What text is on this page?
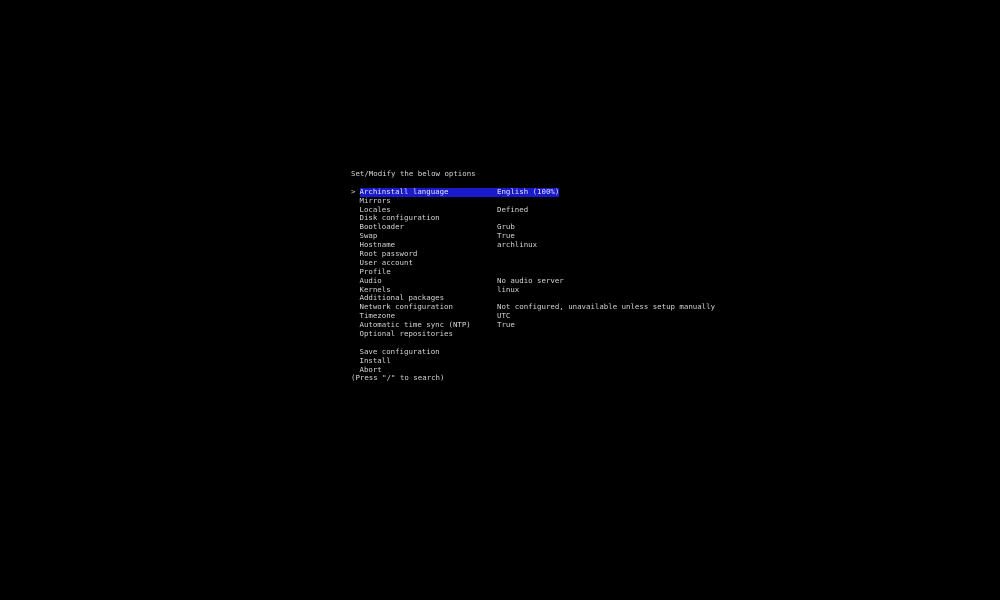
Set/Modify the below options
> Archinstall language	English (100%)
Mirrors
Locales	Defined
Disk configuration
Bootloader	Grub
Swap	True
Hostname	archlinux
Root password
User account
Profile
Audio	No audio server
Kernels	linux
Additional packages
Network configuration	Not configured, unavailable unless setup manually
Timezone	UTC
Automatic time sync (NTP)	True
Optional repositories
Save configuration
Install
Abort
(Press "/" to search)
